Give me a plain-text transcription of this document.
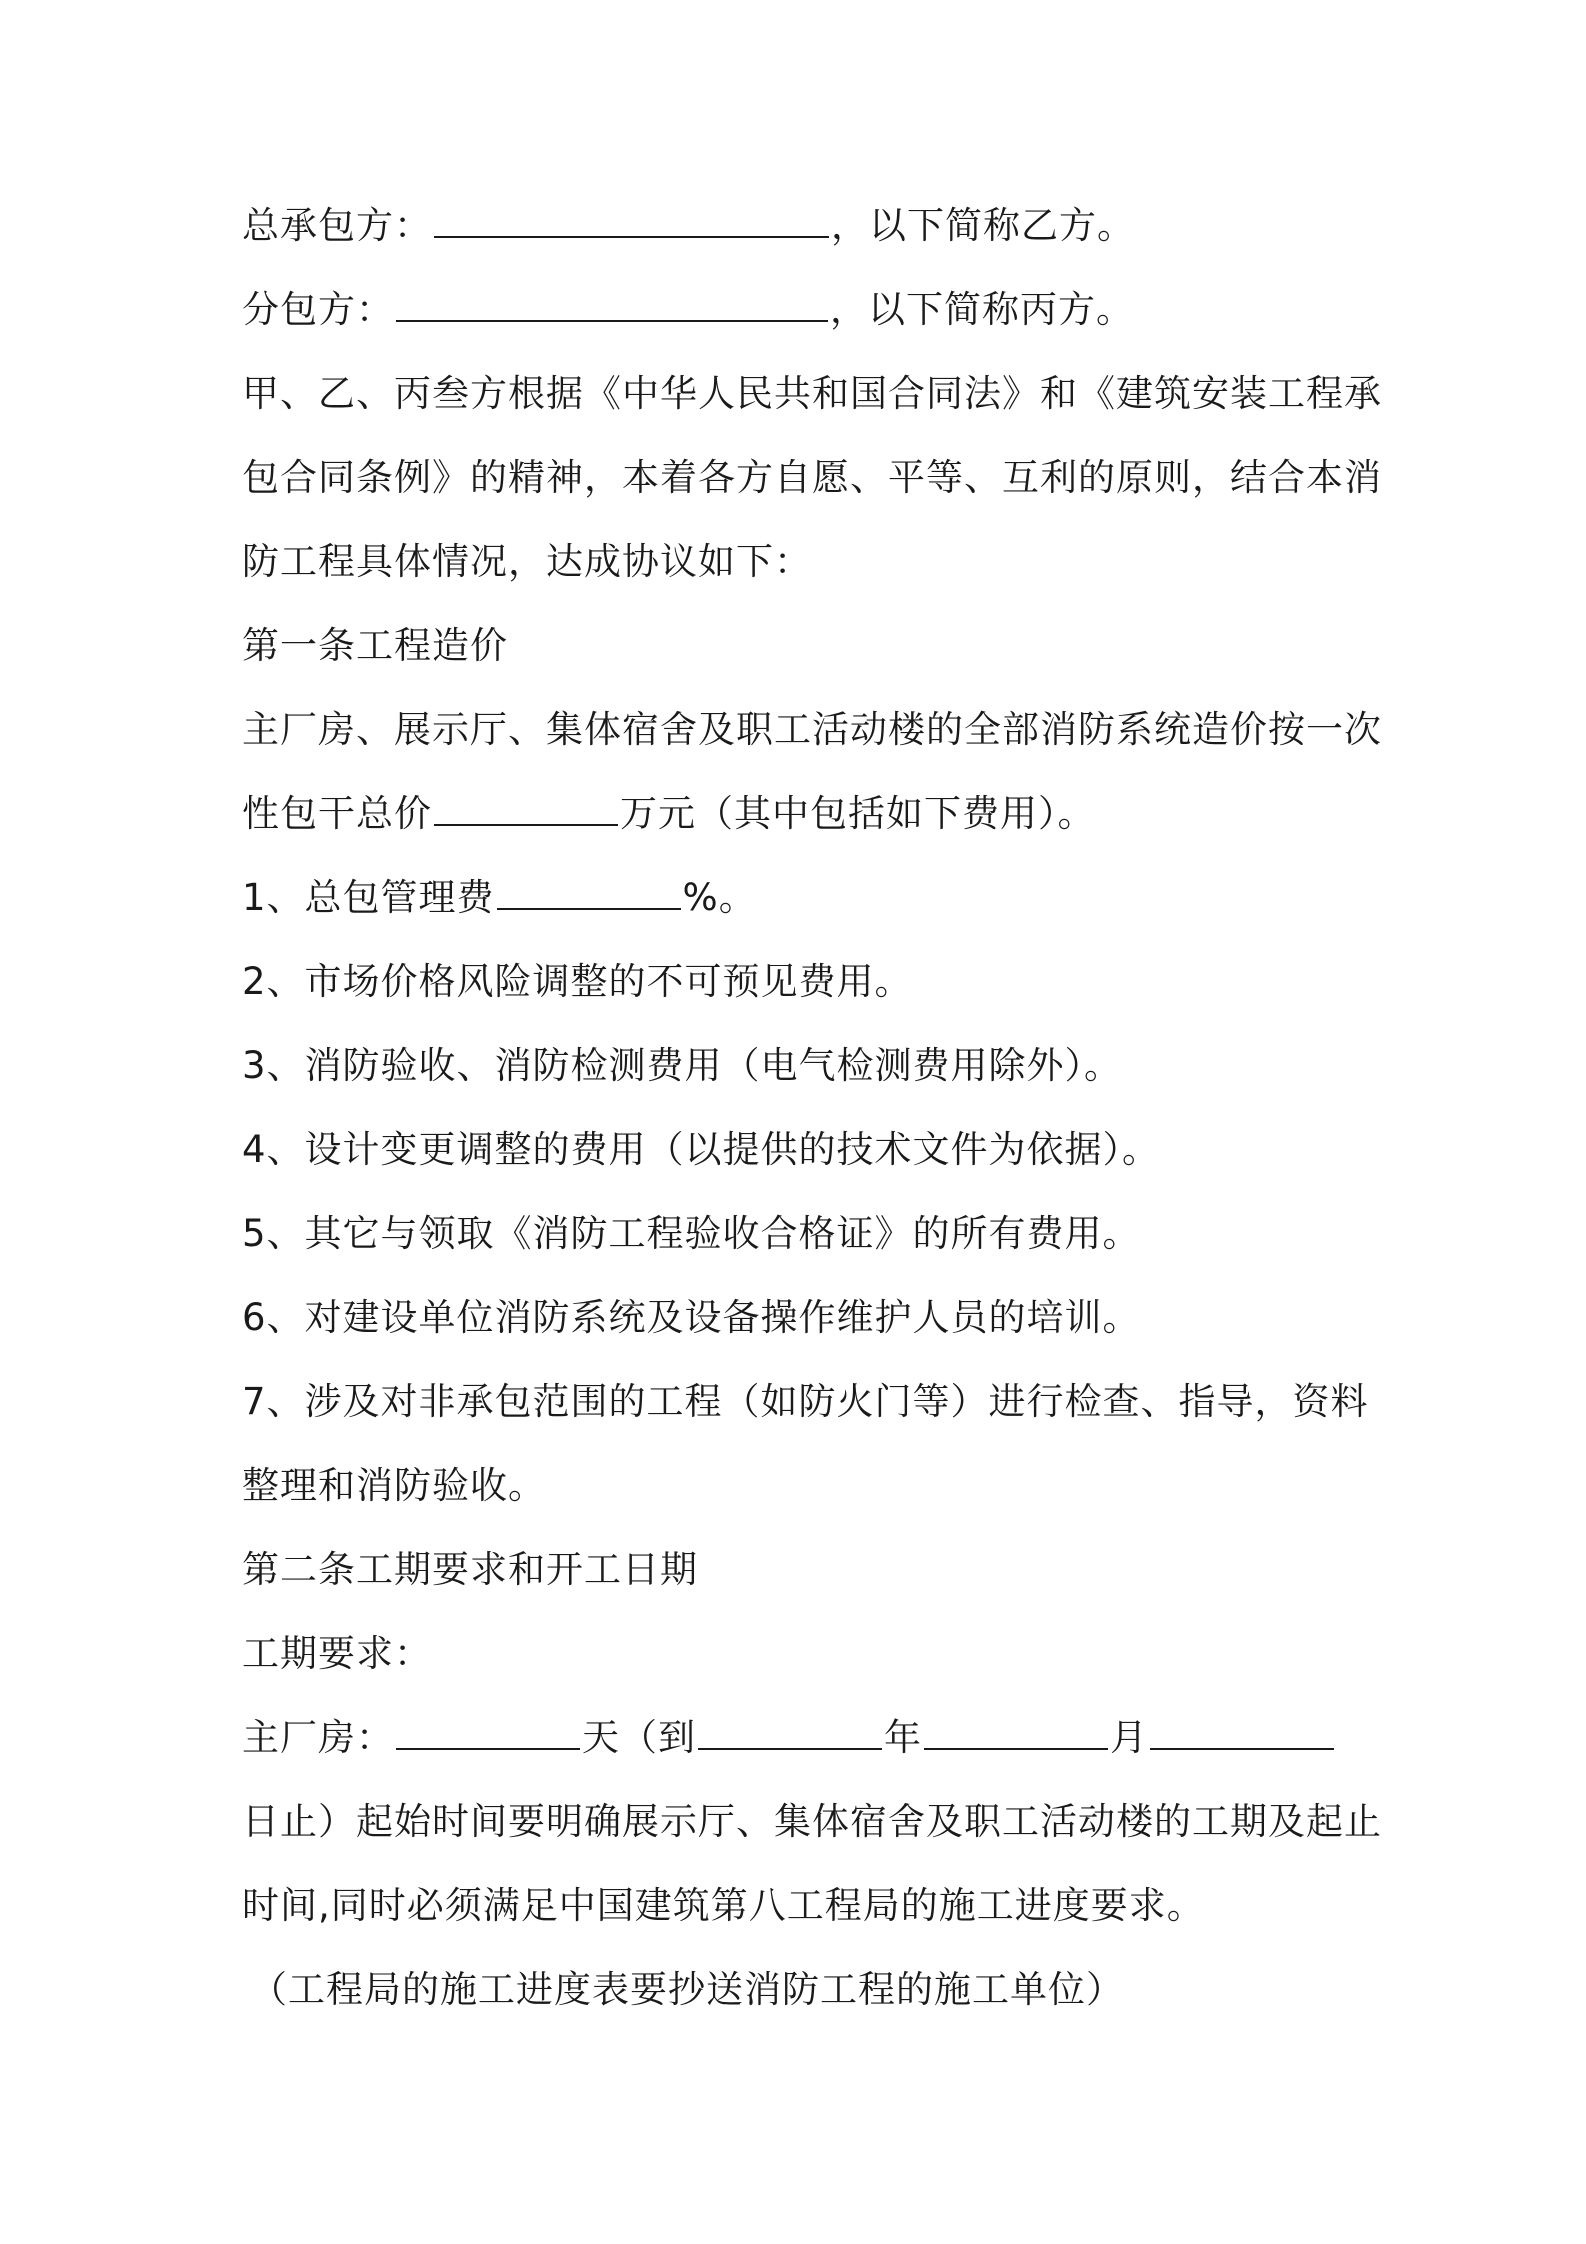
总承包方：	，以下简称乙方。
分包方：	，以下简称丙方。
甲、乙、丙叁方根据《中华人民共和国合同法》和《建筑安装工程承
包合同条例》的精神，本着各方自愿、平等、互利的原则，结合本消
防工程具体情况，达成协议如下：
第一条工程造价
主厂房、展示厅、集体宿舍及职工活动楼的全部消防系统造价按一次
性包干总价	万元（其中包括如下费用）。
1、总包管理费	%。
2、市场价格风险调整的不可预见费用。
3、消防验收、消防检测费用（电气检测费用除外）。
4、设计变更调整的费用（以提供的技术文件为依据）。
5、其它与领取《消防工程验收合格证》的所有费用。
6、对建设单位消防系统及设备操作维护人员的培训。
7、涉及对非承包范围的工程（如防火门等）进行检查、指导，资料
整理和消防验收。
第二条工期要求和开工日期
工期要求：
主厂房：	天（到	年	月
日止）起始时间要明确展示厅、集体宿舍及职工活动楼的工期及起止
时间,同时必须满足中国建筑第八工程局的施工进度要求。
（工程局的施工进度表要抄送消防工程的施工单位）
